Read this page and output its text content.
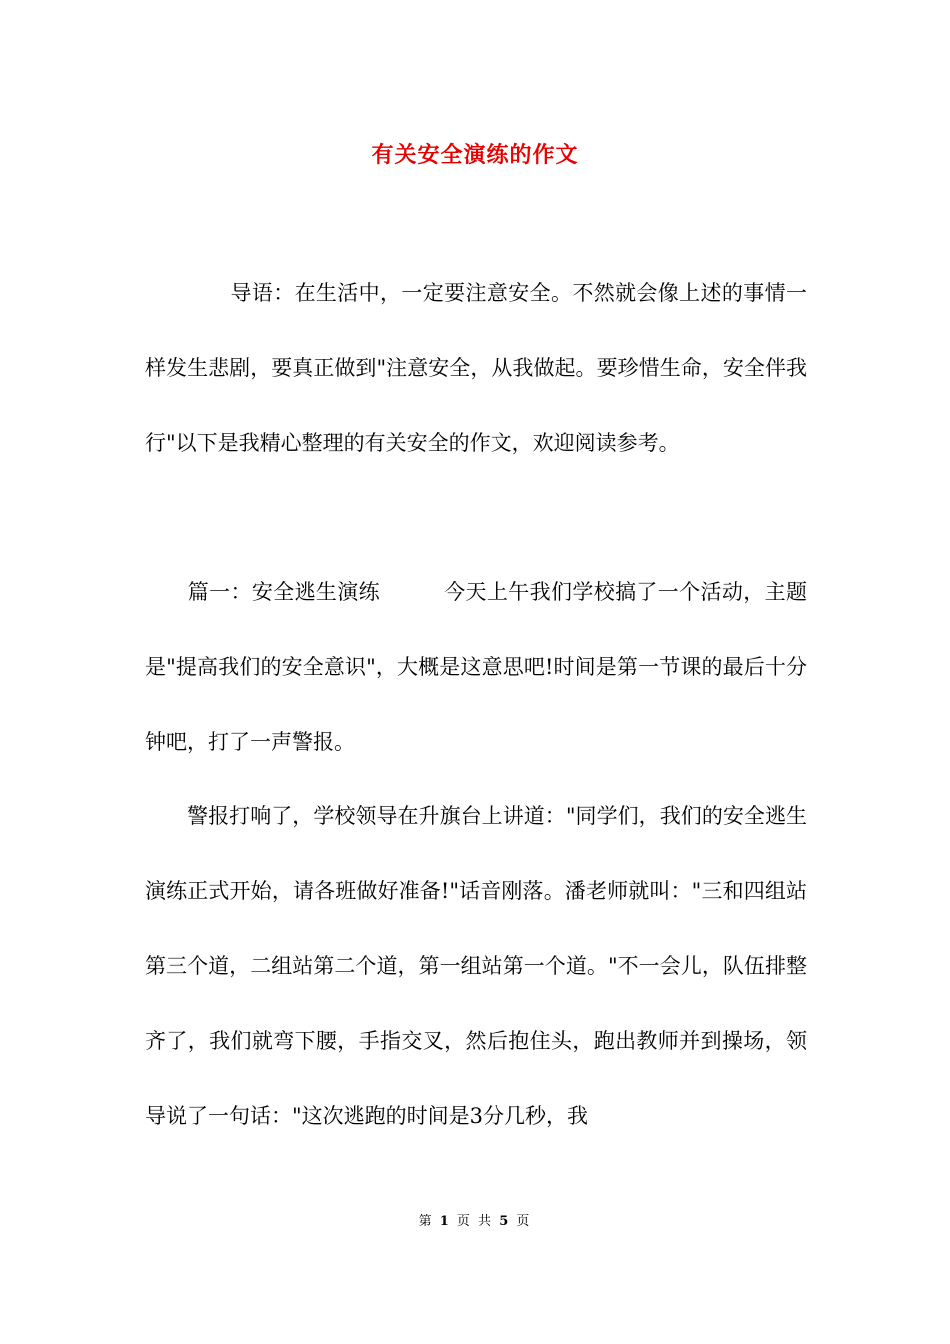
有关安全演练的作文
　　　　导语：在生活中，一定要注意安全。不然就会像上述的事情一样发生悲剧，要真正做到"注意安全，从我做起。要珍惜生命，安全伴我行"以下是我精心整理的有关安全的作文，欢迎阅读参考。
　　篇一：安全逃生演练　　　今天上午我们学校搞了一个活动，主题是"提高我们的安全意识"，大概是这意思吧!时间是第一节课的最后十分钟吧，打了一声警报。
　　警报打响了，学校领导在升旗台上讲道："同学们，我们的安全逃生演练正式开始，请各班做好准备!"话音刚落。潘老师就叫："三和四组站第三个道，二组站第二个道，第一组站第一个道。"不一会儿，队伍排整齐了，我们就弯下腰，手指交叉，然后抱住头，跑出教师并到操场，领导说了一句话："这次逃跑的时间是3分几秒，我
第 1 页 共 5 页
